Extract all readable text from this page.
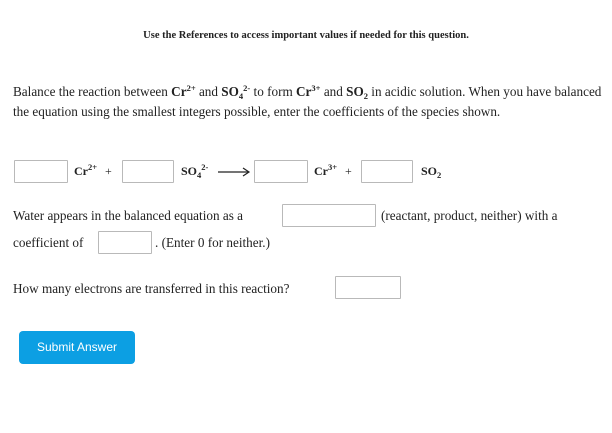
Use the References to access important values if needed for this question.
Balance the reaction between $Cr^{2+}$ and $SO_4^{2-}$ to form $Cr^{3+}$ and $SO_2$ in acidic solution. When you have balanced the equation using the smallest integers possible, enter the coefficients of the species shown.
$Cr^{2+}$ +	$SO_4^{2-}$ →	$Cr^{3+}$ +	$SO_2$
Water appears in the balanced equation as a	(reactant, product, neither) with a
coefficient of	. (Enter 0 for neither.)
How many electrons are transferred in this reaction?
Submit Answer
